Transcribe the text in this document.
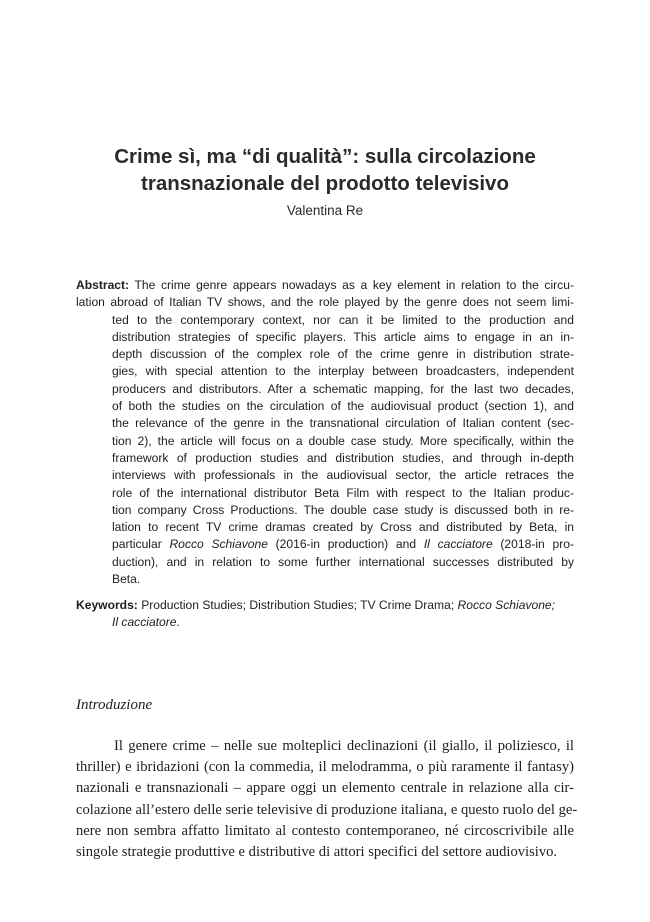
Crime sì, ma “di qualità”: sulla circolazione
transnazionale del prodotto televisivo
Valentina Re
Abstract: The crime genre appears nowadays as a key element in relation to the circu-
lation abroad of Italian TV shows, and the role played by the genre does not seem limi-
ted to the contemporary context, nor can it be limited to the production and
distribution strategies of specific players. This article aims to engage in an in-
depth discussion of the complex role of the crime genre in distribution strate-
gies, with special attention to the interplay between broadcasters, independent
producers and distributors. After a schematic mapping, for the last two decades,
of both the studies on the circulation of the audiovisual product (section 1), and
the relevance of the genre in the transnational circulation of Italian content (sec-
tion 2), the article will focus on a double case study. More specifically, within the
framework of production studies and distribution studies, and through in-depth
interviews with professionals in the audiovisual sector, the article retraces the
role of the international distributor Beta Film with respect to the Italian produc-
tion company Cross Productions. The double case study is discussed both in re-
lation to recent TV crime dramas created by Cross and distributed by Beta, in
particular Rocco Schiavone (2016-in production) and Il cacciatore (2018-in pro-
duction), and in relation to some further international successes distributed by
Beta.
Keywords: Production Studies; Distribution Studies; TV Crime Drama; Rocco Schiavone;
Il cacciatore.
Introduzione
Il genere crime – nelle sue molteplici declinazioni (il giallo, il poliziesco, il
thriller) e ibridazioni (con la commedia, il melodramma, o più raramente il fantasy)
nazionali e transnazionali – appare oggi un elemento centrale in relazione alla cir-
colazione all’estero delle serie televisive di produzione italiana, e questo ruolo del ge-
nere non sembra affatto limitato al contesto contemporaneo, né circoscrivibile alle
singole strategie produttive e distributive di attori specifici del settore audiovisivo.
